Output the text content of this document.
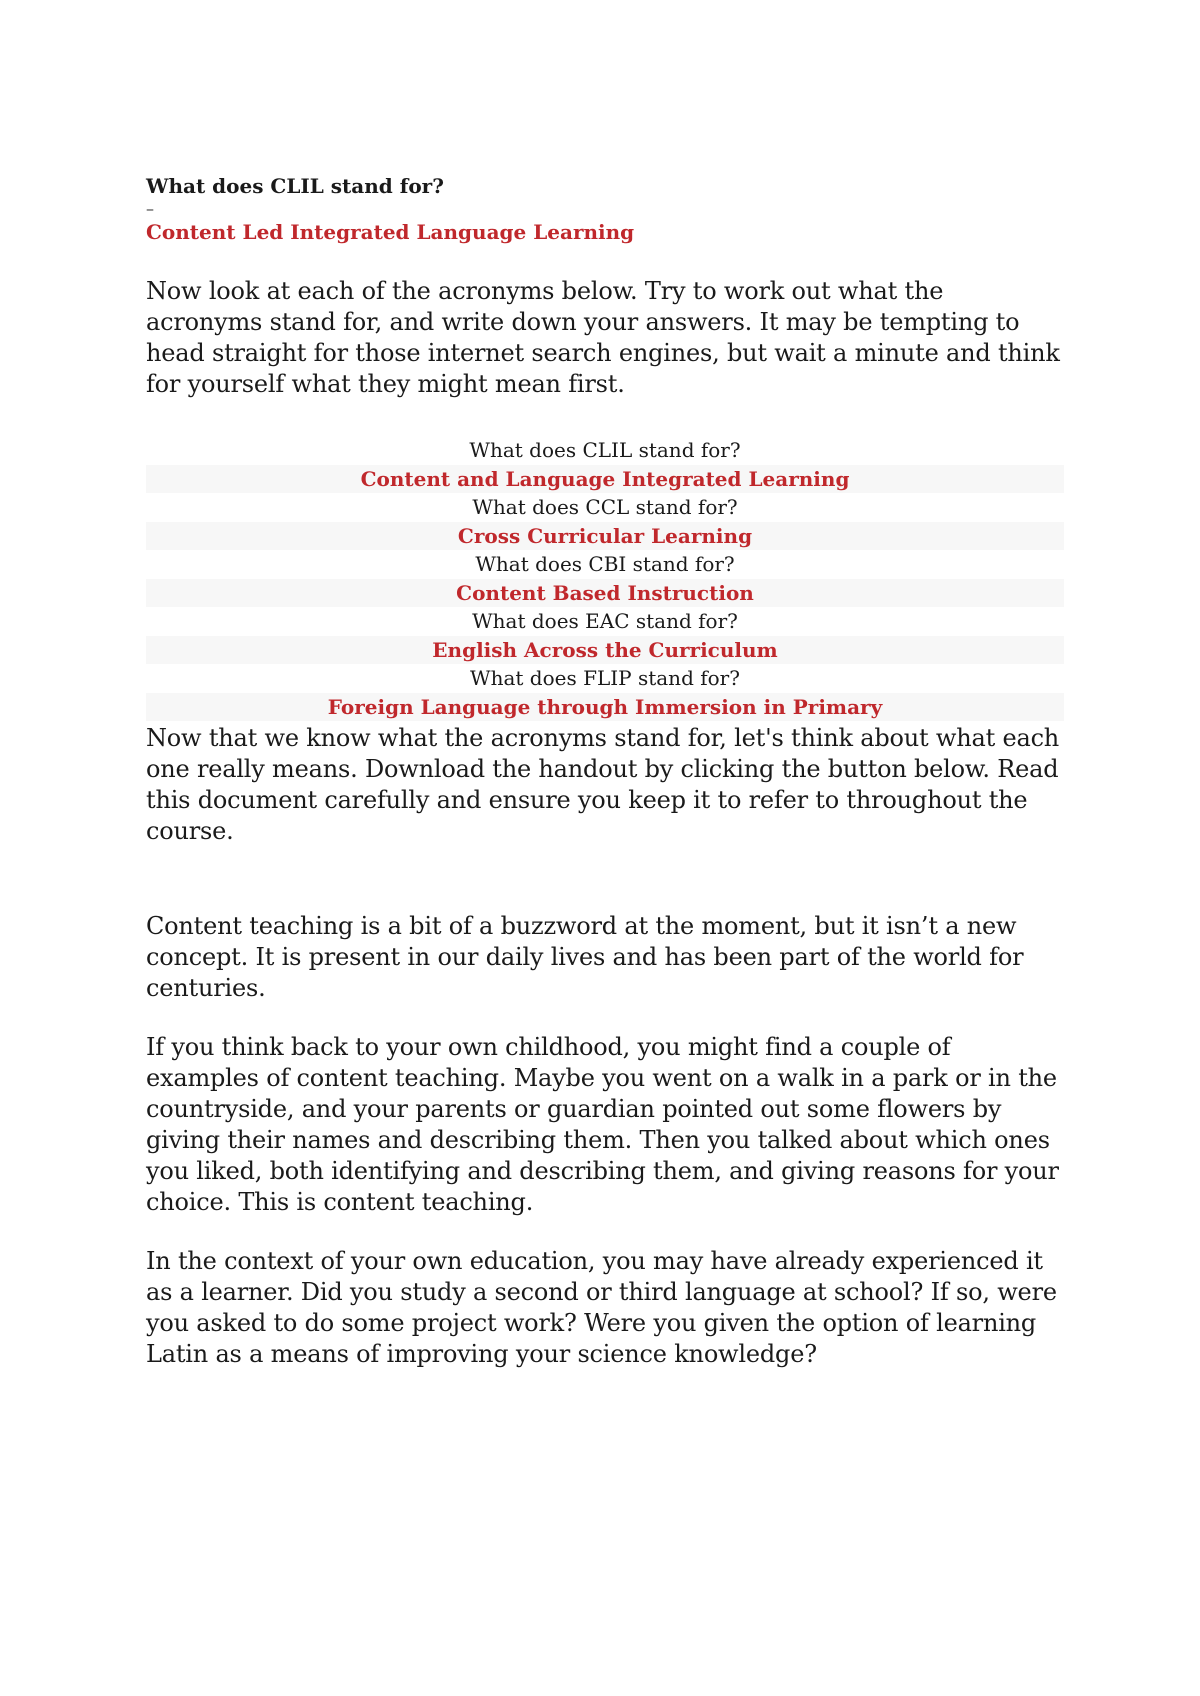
What does CLIL stand for?

–

Content Led Integrated Language Learning

Now look at each of the acronyms below. Try to work out what the acronyms stand for, and write down your answers. It may be tempting to head straight for those internet search engines, but wait a minute and think for yourself what they might mean first.

What does CLIL stand for?
Content and Language Integrated Learning
What does CCL stand for?
Cross Curricular Learning
What does CBI stand for?
Content Based Instruction
What does EAC stand for?
English Across the Curriculum
What does FLIP stand for?
Foreign Language through Immersion in Primary

Now that we know what the acronyms stand for, let's think about what each one really means. Download the handout by clicking the button below. Read this document carefully and ensure you keep it to refer to throughout the course.

Content teaching is a bit of a buzzword at the moment, but it isn’t a new concept. It is present in our daily lives and has been part of the world for centuries.

If you think back to your own childhood, you might find a couple of examples of content teaching. Maybe you went on a walk in a park or in the countryside, and your parents or guardian pointed out some flowers by giving their names and describing them. Then you talked about which ones you liked, both identifying and describing them, and giving reasons for your choice. This is content teaching.

In the context of your own education, you may have already experienced it as a learner. Did you study a second or third language at school? If so, were you asked to do some project work? Were you given the option of learning Latin as a means of improving your science knowledge?
